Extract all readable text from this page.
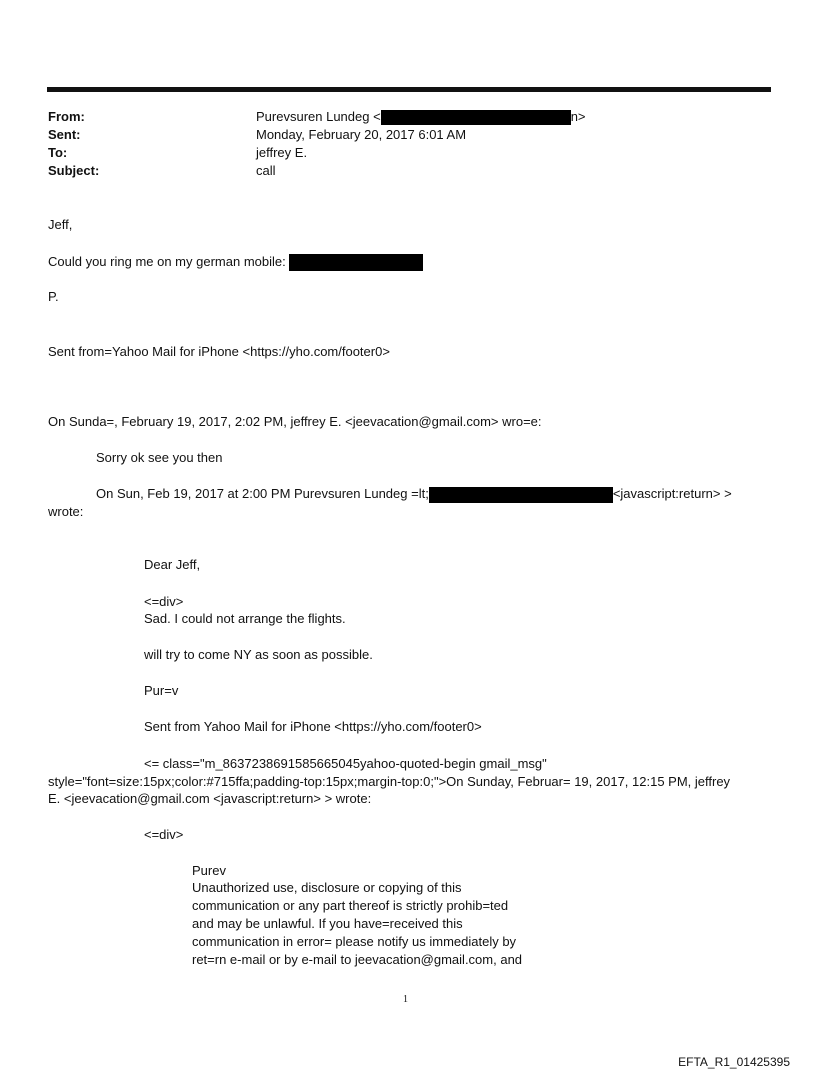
From:	Purevsuren Lundeg <	n>
Sent:	Monday, February 20, 2017 6:01 AM
To:	jeffrey E.
Subject:	call
Jeff,
Could you ring me on my german mobile:
P.
Sent from=Yahoo Mail for iPhone <https://yho.com/footer0>
On Sunda=, February 19, 2017, 2:02 PM, jeffrey E. <jeevacation@gmail.com> wro=e:
Sorry ok see you then
On Sun, Feb 19, 2017 at 2:00 PM Purevsuren Lundeg =lt;	<javascript:return> >
wrote:
Dear Jeff,
<=div>
Sad. I could not arrange the flights.
will try to come NY as soon as possible.
Pur=v
Sent from Yahoo Mail for iPhone <https://yho.com/footer0>
<= class="m_8637238691585665045yahoo-quoted-begin gmail_msg"
style="font=size:15px;color:#715ffa;padding-top:15px;margin-top:0;">On Sunday, Februar= 19, 2017, 12:15 PM, jeffrey
E. <jeevacation@gmail.com <javascript:return> > wrote:
<=div>
Purev
Unauthorized use, disclosure or copying of this
communication or any part thereof is strictly prohib=ted
and may be unlawful. If you have=received this
communication in error= please notify us immediately by
ret=rn e-mail or by e-mail to jeevacation@gmail.com, and
1
EFTA_R1_01425395
